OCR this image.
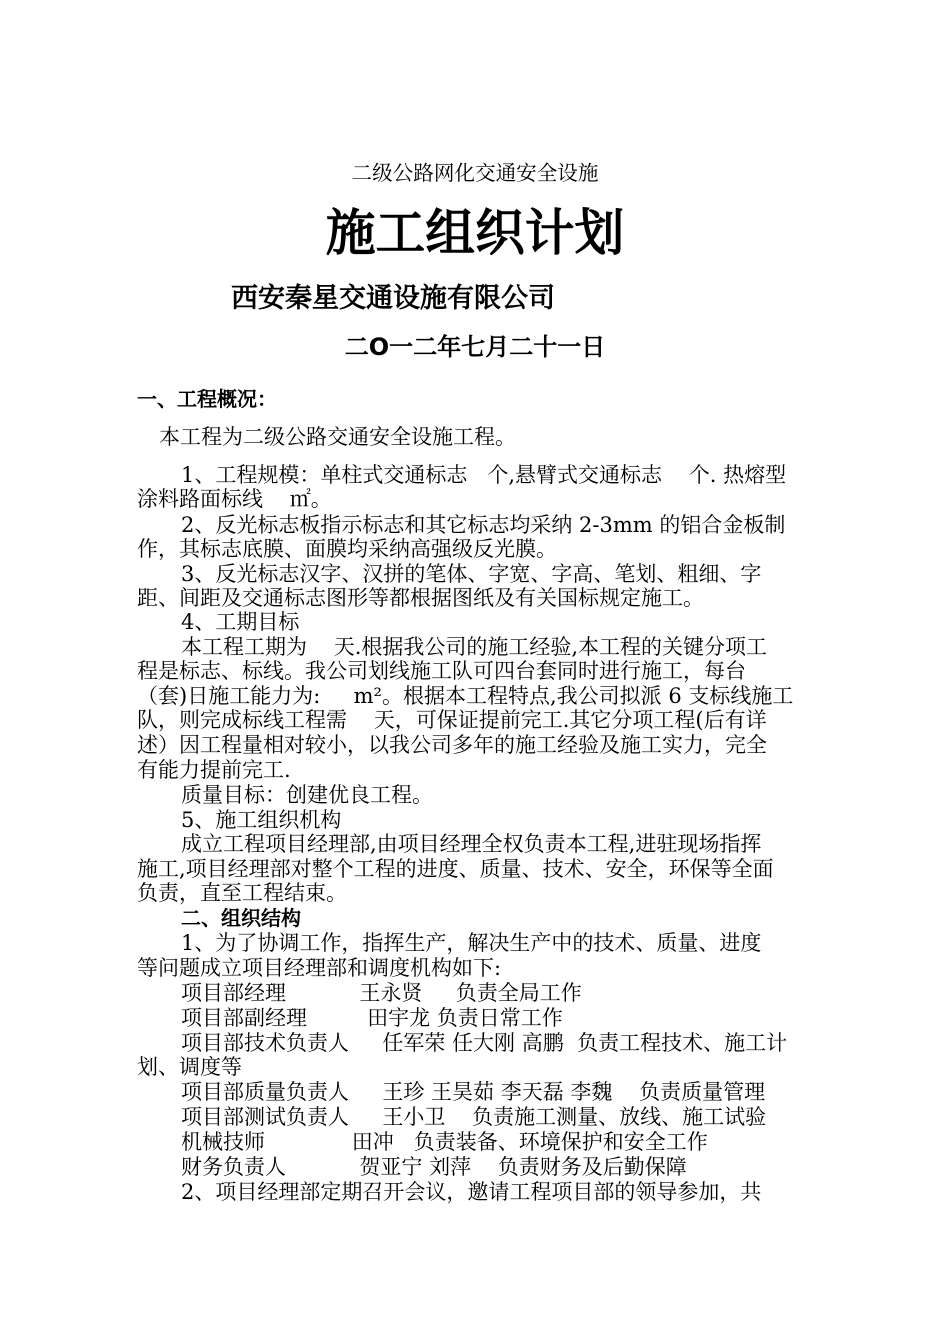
二级公路网化交通安全设施
施工组织计划
西安秦星交通设施有限公司
二O一二年七月二十一日
一、工程概况：
本工程为二级公路交通安全设施工程。
1、工程规模：单柱式交通标志   个,悬臂式交通标志    个. 热熔型
涂料路面标线    ㎡。
2、反光标志板指示标志和其它标志均采纳 2-3mm 的铝合金板制
作，其标志底膜、面膜均采纳高强级反光膜。
3、反光标志汉字、汉拼的笔体、字宽、字高、笔划、粗细、字
距、间距及交通标志图形等都根据图纸及有关国标规定施工。
4、工期目标
本工程工期为    天.根据我公司的施工经验,本工程的关键分项工
程是标志、标线。我公司划线施工队可四台套同时进行施工，每台
（套)日施工能力为:     m²。根据本工程特点,我公司拟派 6 支标线施工
队，则完成标线工程需    天，可保证提前完工.其它分项工程(后有详
述）因工程量相对较小，以我公司多年的施工经验及施工实力，完全
有能力提前完工.
质量目标：创建优良工程。
5、施工组织机构
成立工程项目经理部,由项目经理全权负责本工程,进驻现场指挥
施工,项目经理部对整个工程的进度、质量、技术、安全，环保等全面
负责，直至工程结束。
二、组织结构
1、为了协调工作，指挥生产，解决生产中的技术、质量、进度
等问题成立项目经理部和调度机构如下:
项目部经理           王永贤     负责全局工作
项目部副经理         田宇龙 负责日常工作
项目部技术负责人     任军荣 任大刚 高鹏  负责工程技术、施工计
划、调度等
项目部质量负责人     王珍 王昊茹 李天磊 李魏    负责质量管理
项目部测试负责人     王小卫    负责施工测量、放线、施工试验
机械技师             田冲   负责装备、环境保护和安全工作
财务负责人           贺亚宁 刘萍    负责财务及后勤保障
2、项目经理部定期召开会议，邀请工程项目部的领导参加，共
